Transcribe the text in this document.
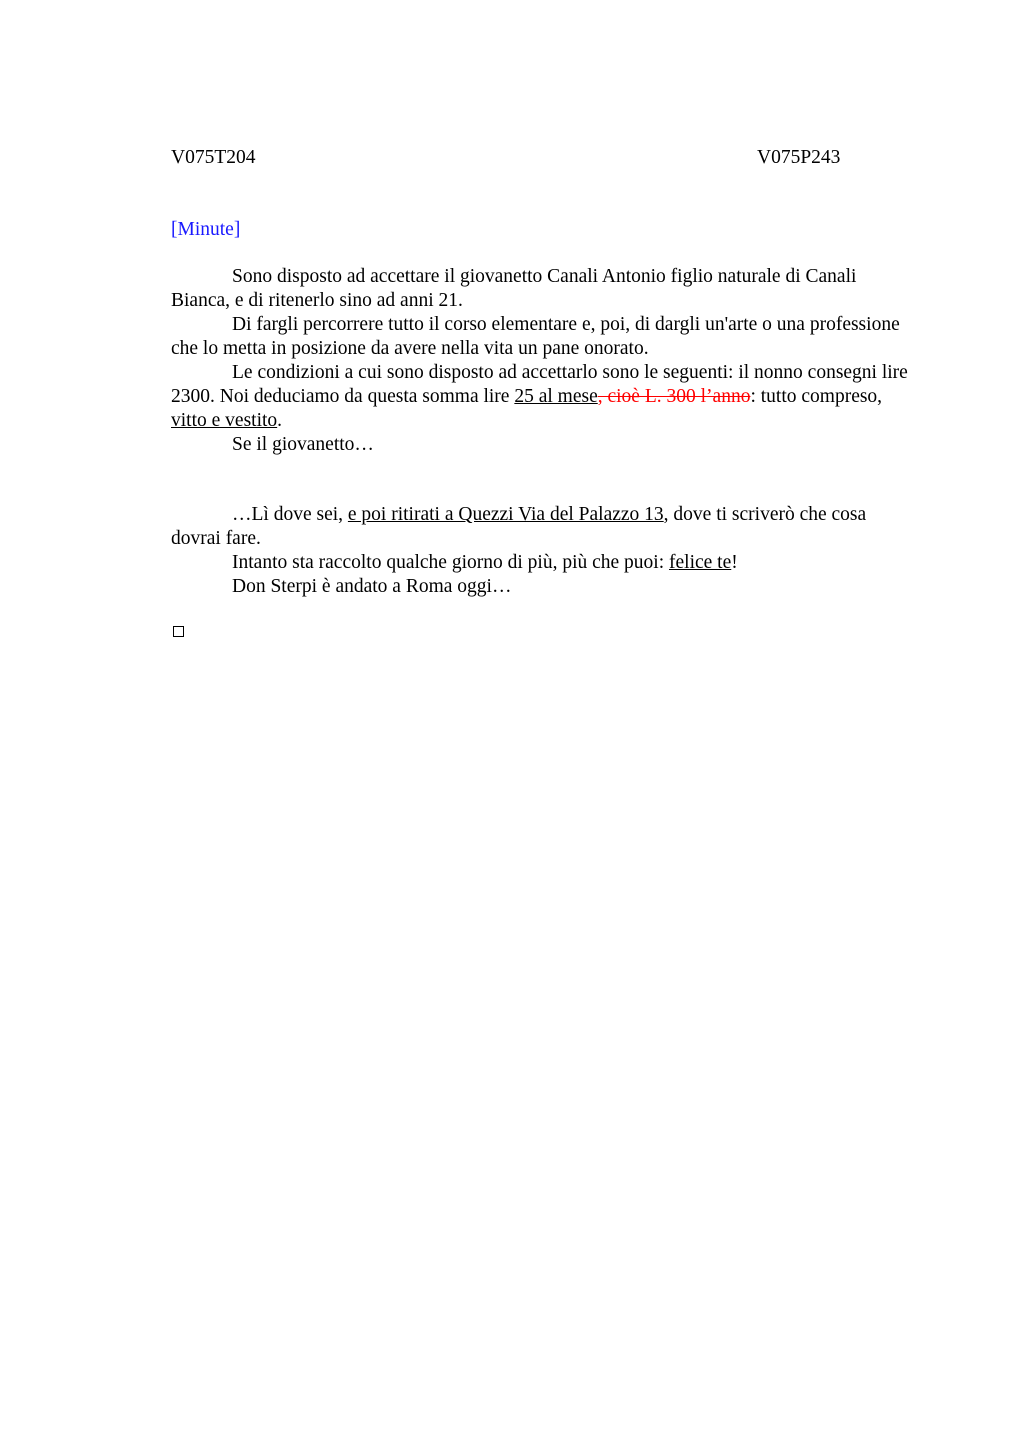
V075T204	V075P243
[Minute]

Sono disposto ad accettare il giovanetto Canali Antonio figlio naturale di Canali Bianca, e di ritenerlo sino ad anni 21.

Di fargli percorrere tutto il corso elementare e, poi, di dargli un'arte o una professione che lo metta in posizione da avere nella vita un pane onorato.

Le condizioni a cui sono disposto ad accettarlo sono le seguenti: il nonno consegni lire 2300. Noi deduciamo da questa somma lire 25 al mese, cioè L. 300 l’anno: tutto compreso, vitto e vestito.

Se il giovanetto…

…Lì dove sei, e poi ritirati a Quezzi Via del Palazzo 13, dove ti scriverò che cosa dovrai fare.

Intanto sta raccolto qualche giorno di più, più che puoi: felice te!

Don Sterpi è andato a Roma oggi…
